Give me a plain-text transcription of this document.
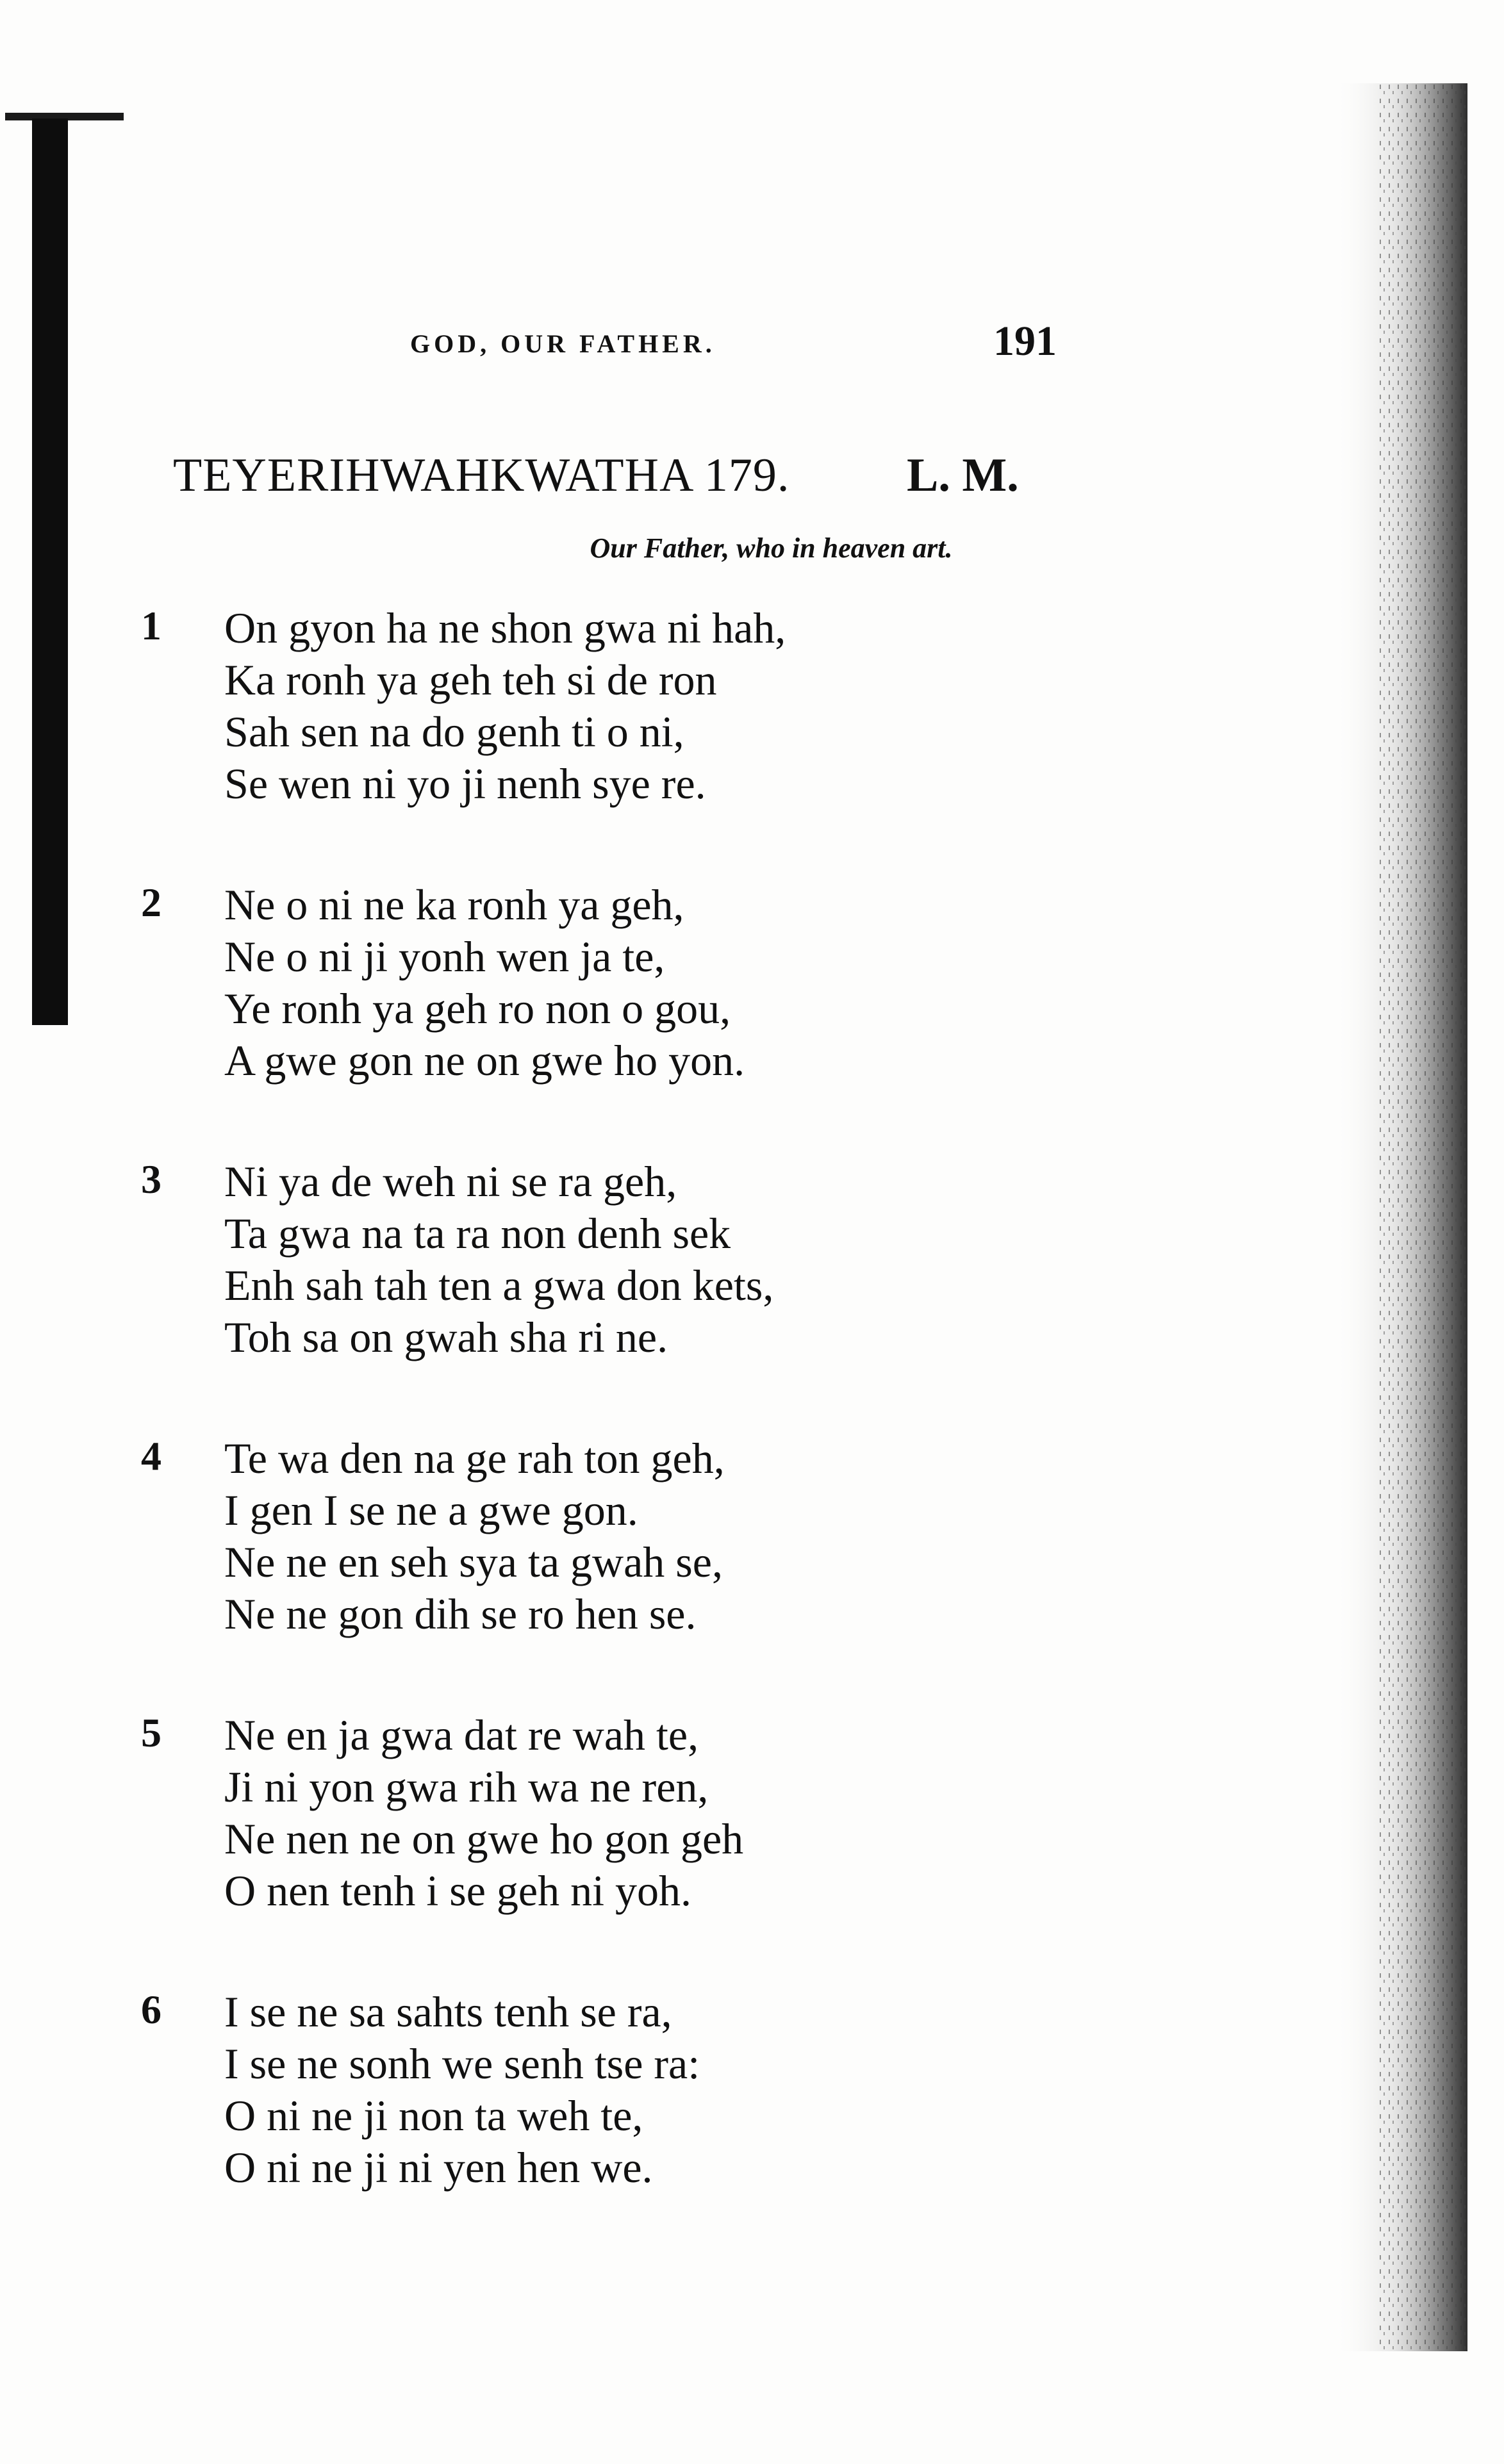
GOD, OUR FATHER.	191
TEYERIHWAHKWATHA 179. L. M.
Our Father, who in heaven art.
1	On gyon ha ne shon gwa ni hah,
Ka ronh ya geh teh si de ron
Sah sen na do genh ti o ni,
Se wen ni yo ji nenh sye re.
2	Ne o ni ne ka ronh ya geh,
Ne o ni ji yonh wen ja te,
Ye ronh ya geh ro non o gou,
A gwe gon ne on gwe ho yon.
3	Ni ya de weh ni se ra geh,
Ta gwa na ta ra non denh sek
Enh sah tah ten a gwa don kets,
Toh sa on gwah sha ri ne.
4	Te wa den na ge rah ton geh,
I gen I se ne a gwe gon.
Ne ne en seh sya ta gwah se,
Ne ne gon dih se ro hen se.
5	Ne en ja gwa dat re wah te,
Ji ni yon gwa rih wa ne ren,
Ne nen ne on gwe ho gon geh
O nen tenh i se geh ni yoh.
6	I se ne sa sahts tenh se ra,
I se ne sonh we senh tse ra:
O ni ne ji non ta weh te,
O ni ne ji ni yen hen we.
